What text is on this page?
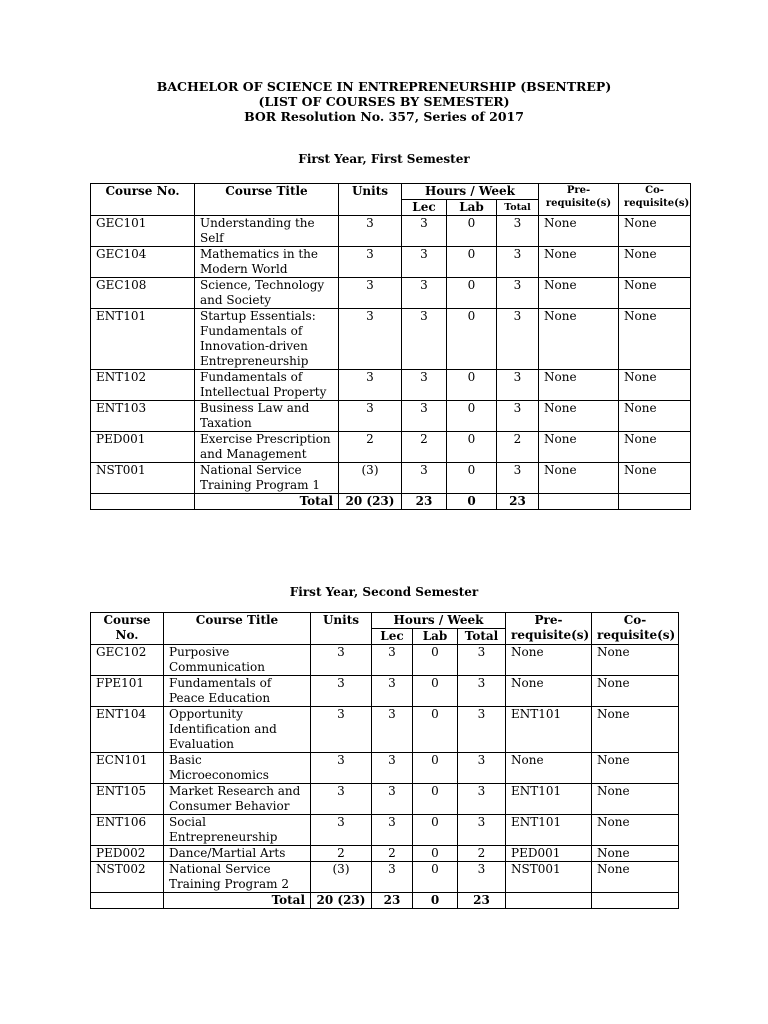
BACHELOR OF SCIENCE IN ENTREPRENEURSHIP (BSENTREP)
(LIST OF COURSES BY SEMESTER)
BOR Resolution No. 357, Series of 2017
First Year, First Semester
Course No.	Course Title	Units	Hours / Week			Pre-requisite(s)	Co-requisite(s)
			Lec	Lab	Total		
GEC101	Understanding the Self	3	3	0	3	None	None
GEC104	Mathematics in the Modern World	3	3	0	3	None	None
GEC108	Science, Technology and Society	3	3	0	3	None	None
ENT101	Startup Essentials: Fundamentals of Innovation-driven Entrepreneurship	3	3	0	3	None	None
ENT102	Fundamentals of Intellectual Property	3	3	0	3	None	None
ENT103	Business Law and Taxation	3	3	0	3	None	None
PED001	Exercise Prescription and Management	2	2	0	2	None	None
NST001	National Service Training Program 1	(3)	3	0	3	None	None
	Total	20 (23)	23	0	23		
First Year, Second Semester
Course No.	Course Title	Units	Hours / Week			Pre-requisite(s)	Co-requisite(s)
			Lec	Lab	Total		
GEC102	Purposive Communication	3	3	0	3	None	None
FPE101	Fundamentals of Peace Education	3	3	0	3	None	None
ENT104	Opportunity Identification and Evaluation	3	3	0	3	ENT101	None
ECN101	Basic Microeconomics	3	3	0	3	None	None
ENT105	Market Research and Consumer Behavior	3	3	0	3	ENT101	None
ENT106	Social Entrepreneurship	3	3	0	3	ENT101	None
PED002	Dance/Martial Arts	2	2	0	2	PED001	None
NST002	National Service Training Program 2	(3)	3	0	3	NST001	None
	Total	20 (23)	23	0	23		
